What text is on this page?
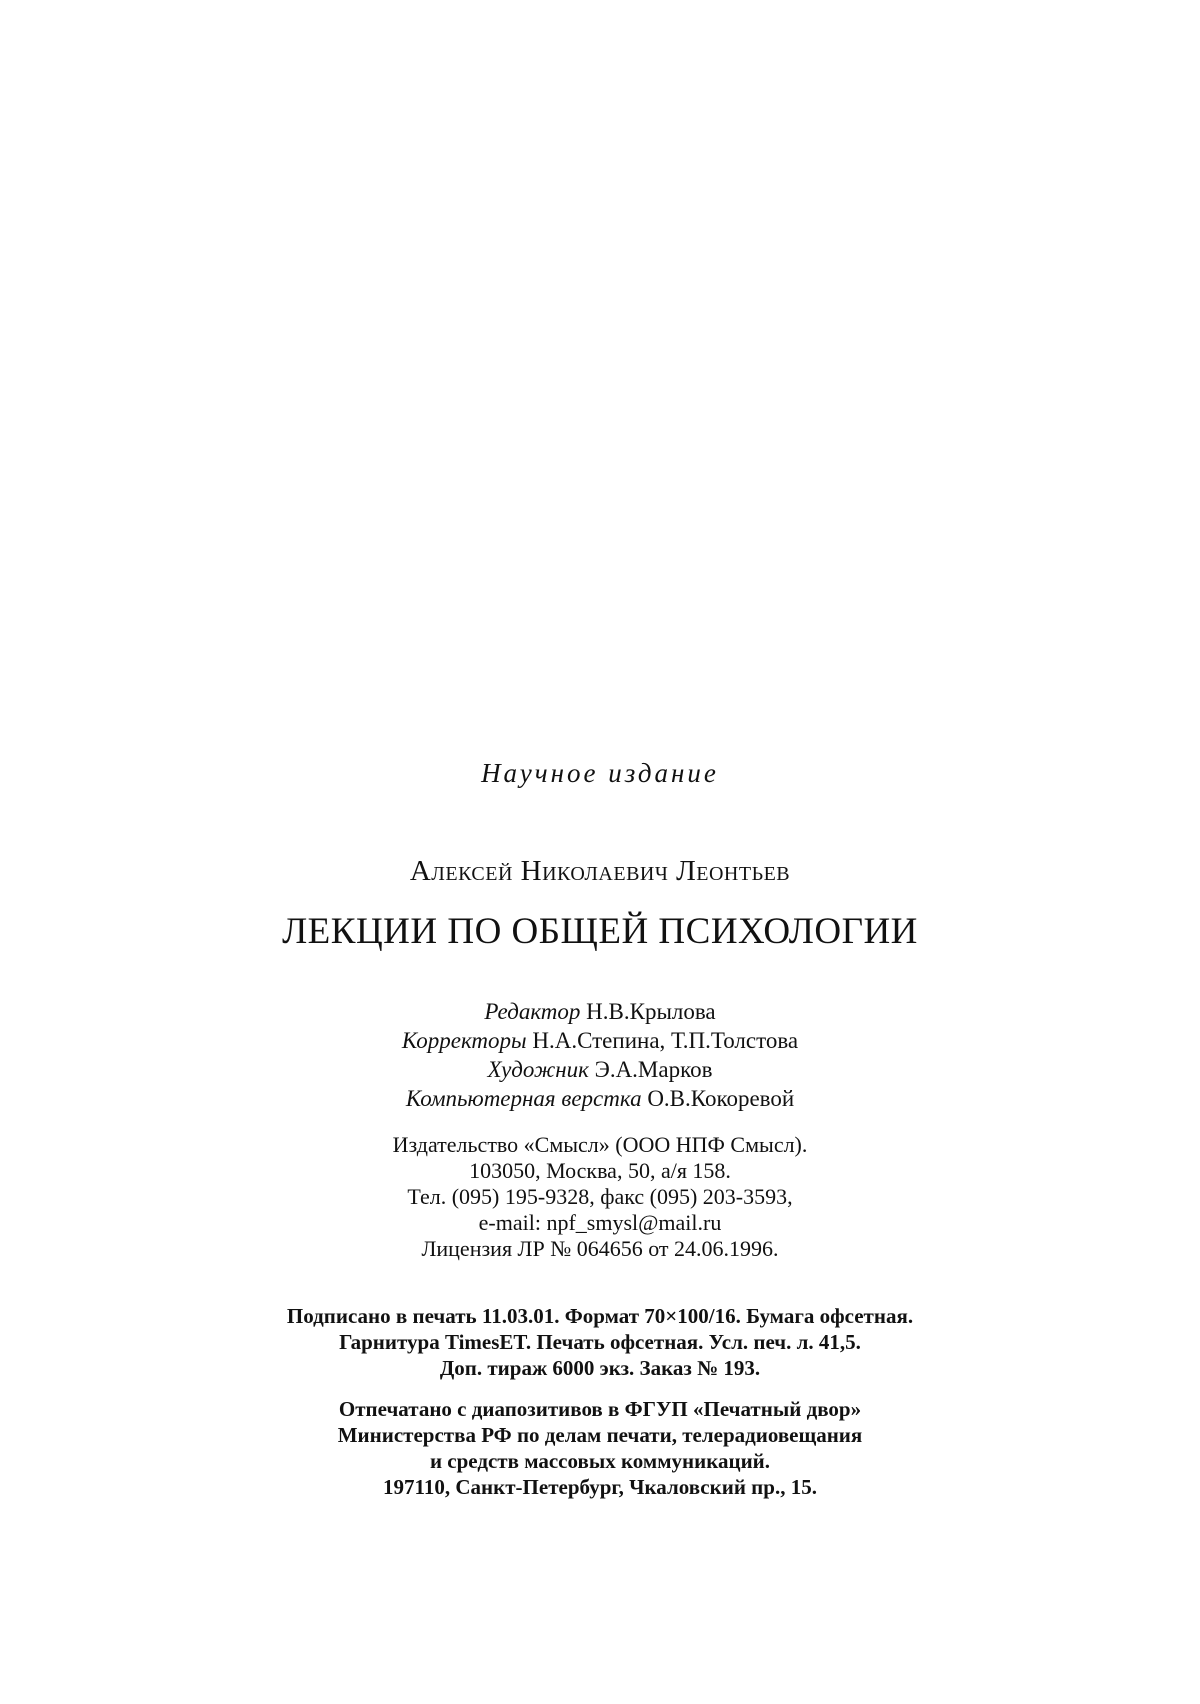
Научное издание
Алексей Николаевич Леонтьев
ЛЕКЦИИ ПО ОБЩЕЙ ПСИХОЛОГИИ
Редактор Н.В.Крылова
Корректоры Н.А.Степина, Т.П.Толстова
Художник Э.А.Марков
Компьютерная верстка О.В.Кокоревой
Издательство «Смысл» (ООО НПФ Смысл).
103050, Москва, 50, а/я 158.
Тел. (095) 195-9328, факс (095) 203-3593,
e-mail: npf_smysl@mail.ru
Лицензия ЛР № 064656 от 24.06.1996.
Подписано в печать 11.03.01. Формат 70×100/16. Бумага офсетная.
Гарнитура TimesET. Печать офсетная. Усл. печ. л. 41,5.
Доп. тираж 6000 экз. Заказ № 193.
Отпечатано с диапозитивов в ФГУП «Печатный двор»
Министерства РФ по делам печати, телерадиовещания
и средств массовых коммуникаций.
197110, Санкт-Петербург, Чкаловский пр., 15.
